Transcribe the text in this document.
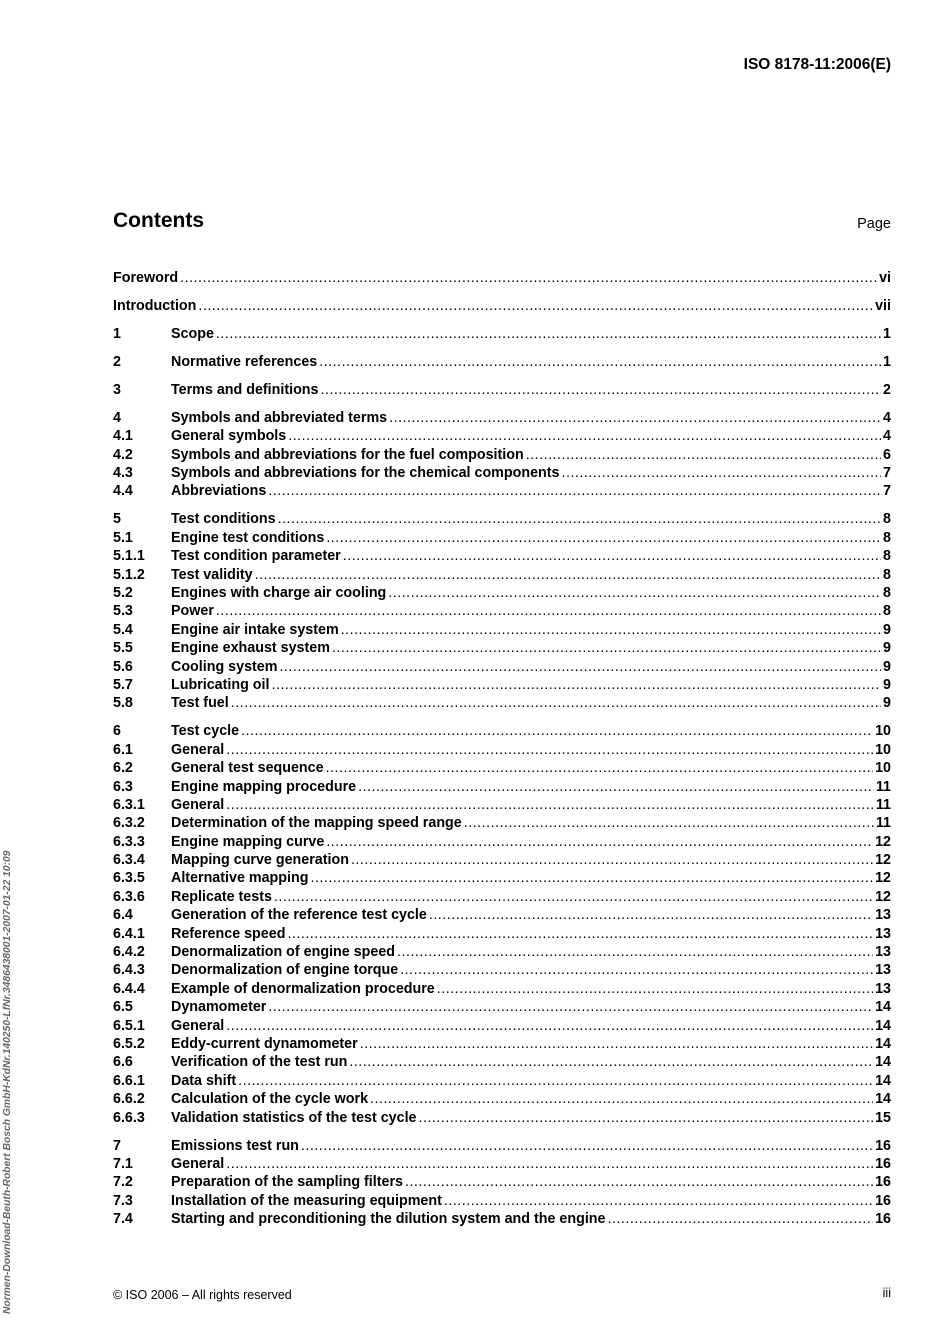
ISO 8178-11:2006(E)
Contents	Page
Foreword .....	vi
Introduction .....	vii
1	Scope .....	1
2	Normative references .....	1
3	Terms and definitions .....	2
4	Symbols and abbreviated terms .....	4
4.1	General symbols .....	4
4.2	Symbols and abbreviations for the fuel composition .....	6
4.3	Symbols and abbreviations for the chemical components .....	7
4.4	Abbreviations .....	7
5	Test conditions .....	8
5.1	Engine test conditions .....	8
5.1.1	Test condition parameter .....	8
5.1.2	Test validity .....	8
5.2	Engines with charge air cooling .....	8
5.3	Power .....	8
5.4	Engine air intake system .....	9
5.5	Engine exhaust system .....	9
5.6	Cooling system .....	9
5.7	Lubricating oil .....	9
5.8	Test fuel .....	9
6	Test cycle .....	10
6.1	General .....	10
6.2	General test sequence .....	10
6.3	Engine mapping procedure .....	11
6.3.1	General .....	11
6.3.2	Determination of the mapping speed range .....	11
6.3.3	Engine mapping curve .....	12
6.3.4	Mapping curve generation .....	12
6.3.5	Alternative mapping .....	12
6.3.6	Replicate tests .....	12
6.4	Generation of the reference test cycle .....	13
6.4.1	Reference speed .....	13
6.4.2	Denormalization of engine speed .....	13
6.4.3	Denormalization of engine torque .....	13
6.4.4	Example of denormalization procedure .....	13
6.5	Dynamometer .....	14
6.5.1	General .....	14
6.5.2	Eddy-current dynamometer .....	14
6.6	Verification of the test run .....	14
6.6.1	Data shift .....	14
6.6.2	Calculation of the cycle work .....	14
6.6.3	Validation statistics of the test cycle .....	15
7	Emissions test run .....	16
7.1	General .....	16
7.2	Preparation of the sampling filters .....	16
7.3	Installation of the measuring equipment .....	16
7.4	Starting and preconditioning the dilution system and the engine .....	16
Normen-Download-Beuth-Robert Bosch GmbH-KdNr.140250-LfNr.3486438001-2007-01-22 10:09	© ISO 2006 – All rights reserved	iii
